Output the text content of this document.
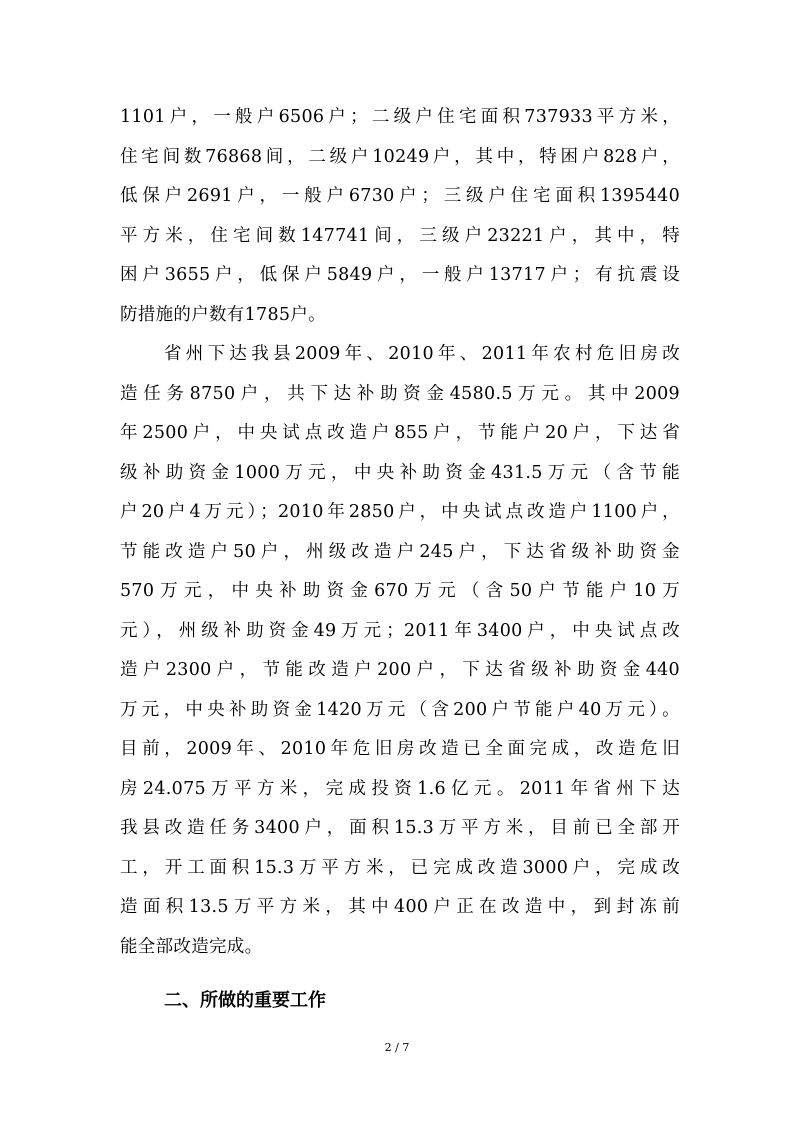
1101户，一般户6506户；二级户住宅面积737933平方米，
住宅间数76868间，二级户10249户，其中，特困户828户，
低保户2691户，一般户6730户；三级户住宅面积1395440
平方米，住宅间数147741间，三级户23221户，其中，特
困户3655户，低保户5849户，一般户13717户；有抗震设
防措施的户数有1785户。
省州下达我县2009年、2010年、2011年农村危旧房改
造任务8750户，共下达补助资金4580.5万元。其中2009
年2500户，中央试点改造户855户，节能户20户，下达省
级补助资金1000万元，中央补助资金431.5万元（含节能
户20户4万元）；2010年2850户，中央试点改造户1100户，
节能改造户50户，州级改造户245户，下达省级补助资金
570万元，中央补助资金670万元（含50户节能户10万
元），州级补助资金49万元；2011年3400户，中央试点改
造户2300户，节能改造户200户，下达省级补助资金440
万元，中央补助资金1420万元（含200户节能户40万元）。
目前，2009年、2010年危旧房改造已全面完成，改造危旧
房24.075万平方米，完成投资1.6亿元。2011年省州下达
我县改造任务3400户，面积15.3万平方米，目前已全部开
工，开工面积15.3万平方米，已完成改造3000户，完成改
造面积13.5万平方米，其中400户正在改造中，到封冻前
能全部改造完成。
二、所做的重要工作
2 / 7
